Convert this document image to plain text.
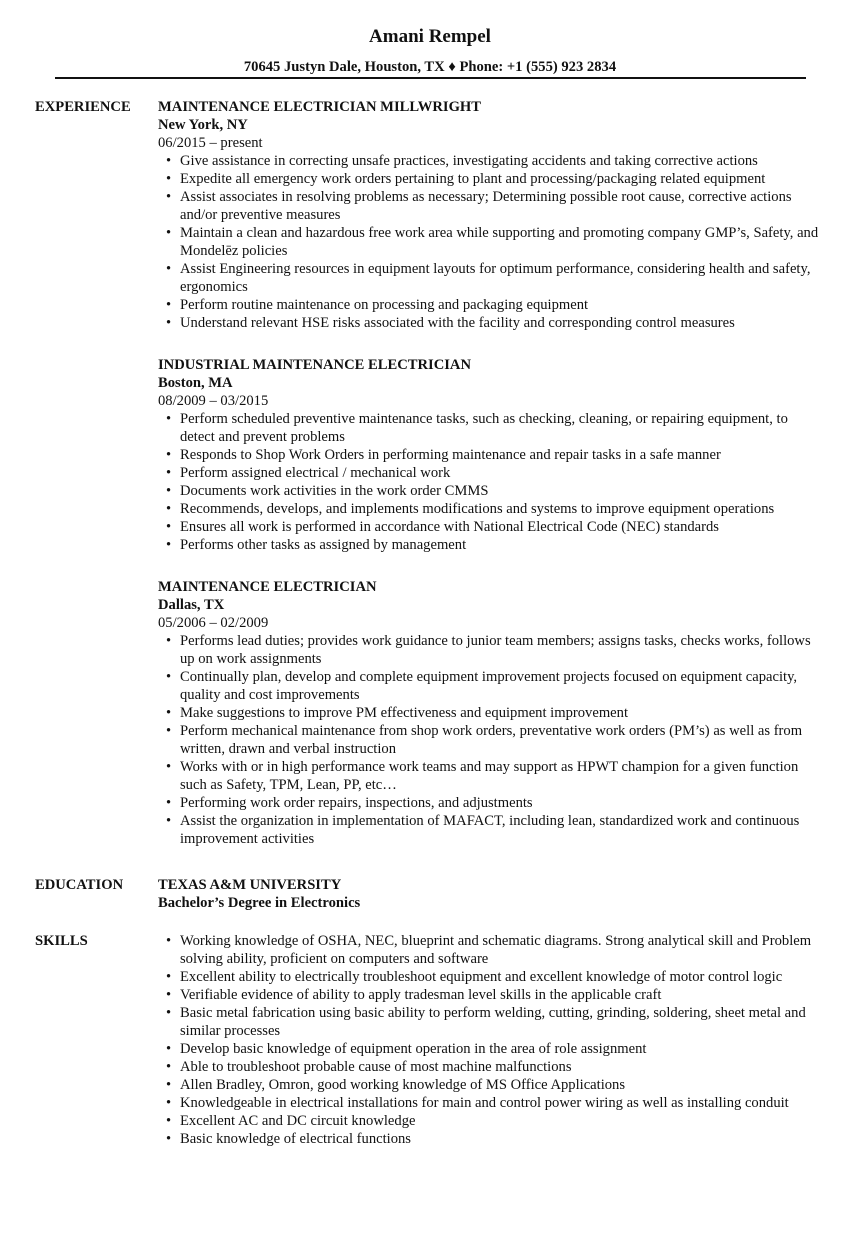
Amani Rempel
70645 Justyn Dale, Houston, TX ♦ Phone: +1 (555) 923 2834
EXPERIENCE	MAINTENANCE ELECTRICIAN MILLWRIGHT
New York, NY
06/2015 – present
• Give assistance in correcting unsafe practices, investigating accidents and taking corrective actions
• Expedite all emergency work orders pertaining to plant and processing/packaging related equipment
• Assist associates in resolving problems as necessary; Determining possible root cause, corrective actions and/or preventive measures
• Maintain a clean and hazardous free work area while supporting and promoting company GMP’s, Safety, and Mondelēz policies
• Assist Engineering resources in equipment layouts for optimum performance, considering health and safety, ergonomics
• Perform routine maintenance on processing and packaging equipment
• Understand relevant HSE risks associated with the facility and corresponding control measures
INDUSTRIAL MAINTENANCE ELECTRICIAN
Boston, MA
08/2009 – 03/2015
• Perform scheduled preventive maintenance tasks, such as checking, cleaning, or repairing equipment, to detect and prevent problems
• Responds to Shop Work Orders in performing maintenance and repair tasks in a safe manner
• Perform assigned electrical / mechanical work
• Documents work activities in the work order CMMS
• Recommends, develops, and implements modifications and systems to improve equipment operations
• Ensures all work is performed in accordance with National Electrical Code (NEC) standards
• Performs other tasks as assigned by management
MAINTENANCE ELECTRICIAN
Dallas, TX
05/2006 – 02/2009
• Performs lead duties; provides work guidance to junior team members; assigns tasks, checks works, follows up on work assignments
• Continually plan, develop and complete equipment improvement projects focused on equipment capacity, quality and cost improvements
• Make suggestions to improve PM effectiveness and equipment improvement
• Perform mechanical maintenance from shop work orders, preventative work orders (PM’s) as well as from written, drawn and verbal instruction
• Works with or in high performance work teams and may support as HPWT champion for a given function such as Safety, TPM, Lean, PP, etc…
• Performing work order repairs, inspections, and adjustments
• Assist the organization in implementation of MAFACT, including lean, standardized work and continuous improvement activities
EDUCATION	TEXAS A&M UNIVERSITY
Bachelor’s Degree in Electronics
SKILLS	• Working knowledge of OSHA, NEC, blueprint and schematic diagrams. Strong analytical skill and Problem solving ability, proficient on computers and software
• Excellent ability to electrically troubleshoot equipment and excellent knowledge of motor control logic
• Verifiable evidence of ability to apply tradesman level skills in the applicable craft
• Basic metal fabrication using basic ability to perform welding, cutting, grinding, soldering, sheet metal and similar processes
• Develop basic knowledge of equipment operation in the area of role assignment
• Able to troubleshoot probable cause of most machine malfunctions
• Allen Bradley, Omron, good working knowledge of MS Office Applications
• Knowledgeable in electrical installations for main and control power wiring as well as installing conduit
• Excellent AC and DC circuit knowledge
• Basic knowledge of electrical functions
